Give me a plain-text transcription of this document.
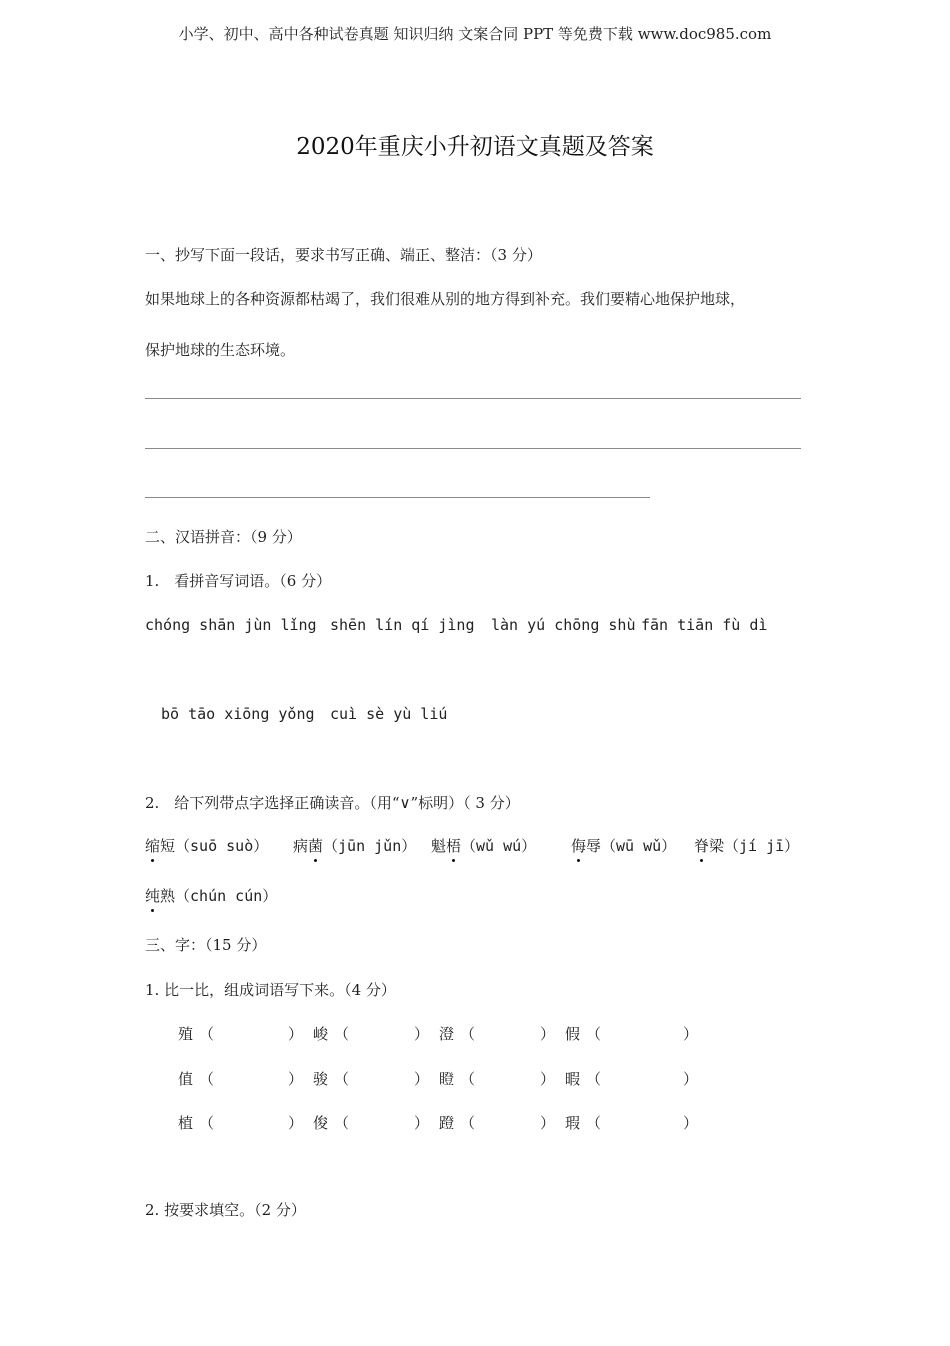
小学、初中、高中各种试卷真题 知识归纳 文案合同 PPT 等免费下载 www.doc985.com
2020年重庆小升初语文真题及答案
一、抄写下面一段话，要求书写正确、端正、整洁：（3 分）
如果地球上的各种资源都枯竭了，我们很难从别的地方得到补充。我们要精心地保护地球，
保护地球的生态环境。
二、汉语拼音：（9 分）
1.　看拼音写词语。（6 分）
chóng shān jùn lǐng shēn lín qí jìng làn yú chōng shù fān tiān fù dì
bō tāo xiōng yǒng cuì sè yù liú
2.　给下列带点字选择正确读音。（用“∨”标明）（ 3 分）
缩短（suō suò） 病菌（jūn jǔn） 魁梧（wǔ wú） 侮辱（wū wǔ） 脊梁（jí jī）
纯熟（chún cún）
三、字：（15 分）
1. 比一比，组成词语写下来。（4 分）
殖 （	） 峻 （	） 澄 （	） 假 （	）
值 （	） 骏 （	） 瞪 （	） 暇 （	）
植 （	） 俊 （	） 蹬 （	） 瑕 （	）
2. 按要求填空。（2 分）
